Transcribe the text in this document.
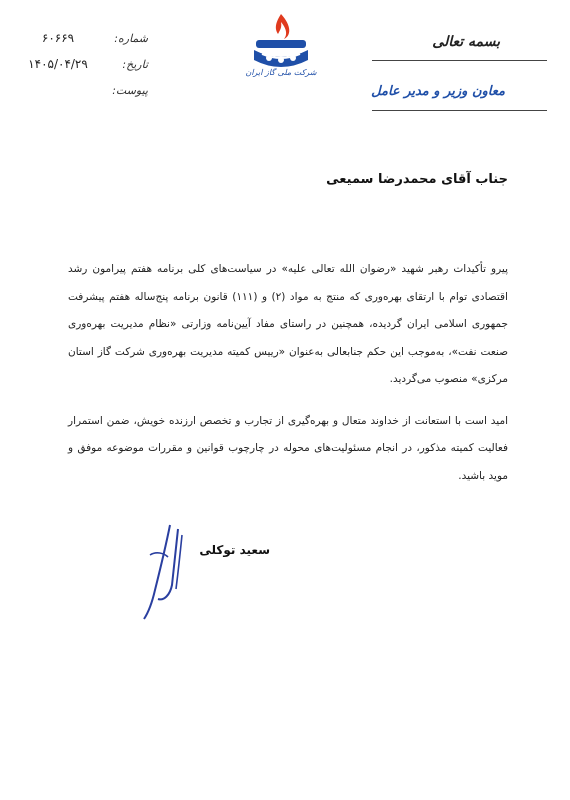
شماره:
۶۰۶۶۹
تاریخ:
۱۴۰۵/۰۴/۲۹
پیوست:
شرکت ملی گاز ایران
بسمه تعالی
معاون وزیر و مدیر عامل
جناب آقای محمدرضا سمیعی

پیرو تأکیدات رهبر شهید «رضوان الله تعالی علیه» در سیاست‌های کلی برنامه هفتم پیرامون رشد اقتصادی توام با ارتقای بهره‌وری که منتج به مواد (۲) و (۱۱۱) قانون برنامه پنج‌ساله هفتم پیشرفت جمهوری اسلامی ایران گردیده، همچنین در راستای مفاد آیین‌نامه وزارتی «نظام مدیریت بهره‌وری صنعت نفت»، به‌موجب این حکم جنابعالی به‌عنوان «رییس کمیته مدیریت بهره‌وری شرکت گاز استان مرکزی» منصوب می‌گردید.

امید است با استعانت از خداوند متعال و بهره‌گیری از تجارب و تخصص ارزنده خویش، ضمن استمرار فعالیت کمیته مذکور، در انجام مسئولیت‌های محوله در چارچوب قوانین و مقررات موضوعه موفق و موید باشید.

سعید توکلی
